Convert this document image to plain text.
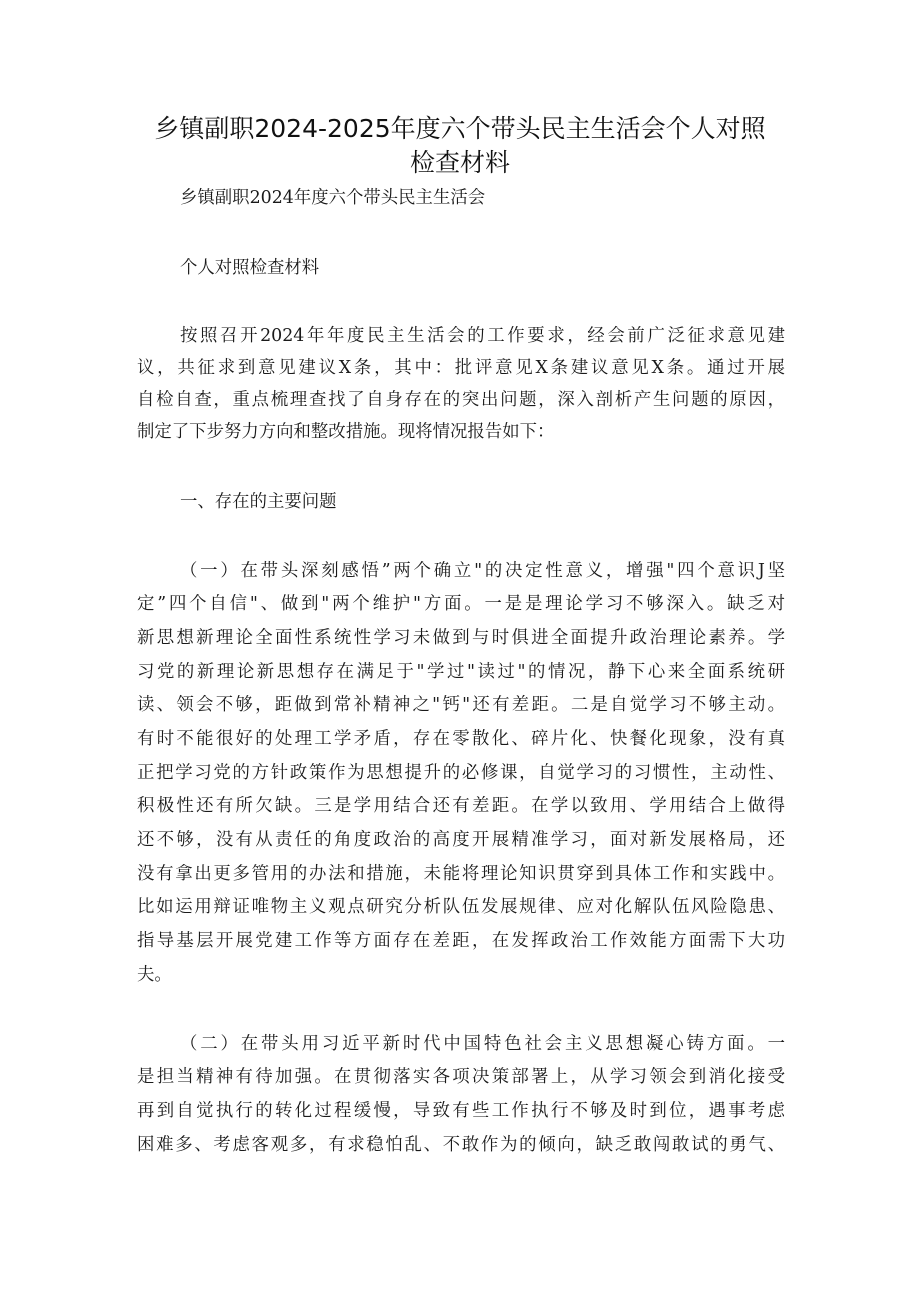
乡镇副职2024-2025年度六个带头民主生活会个人对照
检查材料
乡镇副职2024年度六个带头民主生活会
个人对照检查材料
按照召开2024年年度民主生活会的工作要求，经会前广泛征求意见建
议，共征求到意见建议X条，其中：批评意见X条建议意见X条。通过开展
自检自查，重点梳理查找了自身存在的突出问题，深入剖析产生问题的原因，
制定了下步努力方向和整改措施。现将情况报告如下：
一、存在的主要问题
（一）在带头深刻感悟”两个确立"的决定性意义，增强"四个意识J坚
定”四个自信"、做到"两个维护"方面。一是是理论学习不够深入。缺乏对
新思想新理论全面性系统性学习未做到与时俱进全面提升政治理论素养。学
习党的新理论新思想存在满足于"学过"读过"的情况，静下心来全面系统研
读、领会不够，距做到常补精神之"钙"还有差距。二是自觉学习不够主动。
有时不能很好的处理工学矛盾，存在零散化、碎片化、快餐化现象，没有真
正把学习党的方针政策作为思想提升的必修课，自觉学习的习惯性，主动性、
积极性还有所欠缺。三是学用结合还有差距。在学以致用、学用结合上做得
还不够，没有从责任的角度政治的高度开展精准学习，面对新发展格局，还
没有拿出更多管用的办法和措施，未能将理论知识贯穿到具体工作和实践中。
比如运用辩证唯物主义观点研究分析队伍发展规律、应对化解队伍风险隐患、
指导基层开展党建工作等方面存在差距，在发挥政治工作效能方面需下大功
夫。
（二）在带头用习近平新时代中国特色社会主义思想凝心铸方面。一
是担当精神有待加强。在贯彻落实各项决策部署上，从学习领会到消化接受
再到自觉执行的转化过程缓慢，导致有些工作执行不够及时到位，遇事考虑
困难多、考虑客观多，有求稳怕乱、不敢作为的倾向，缺乏敢闯敢试的勇气、
